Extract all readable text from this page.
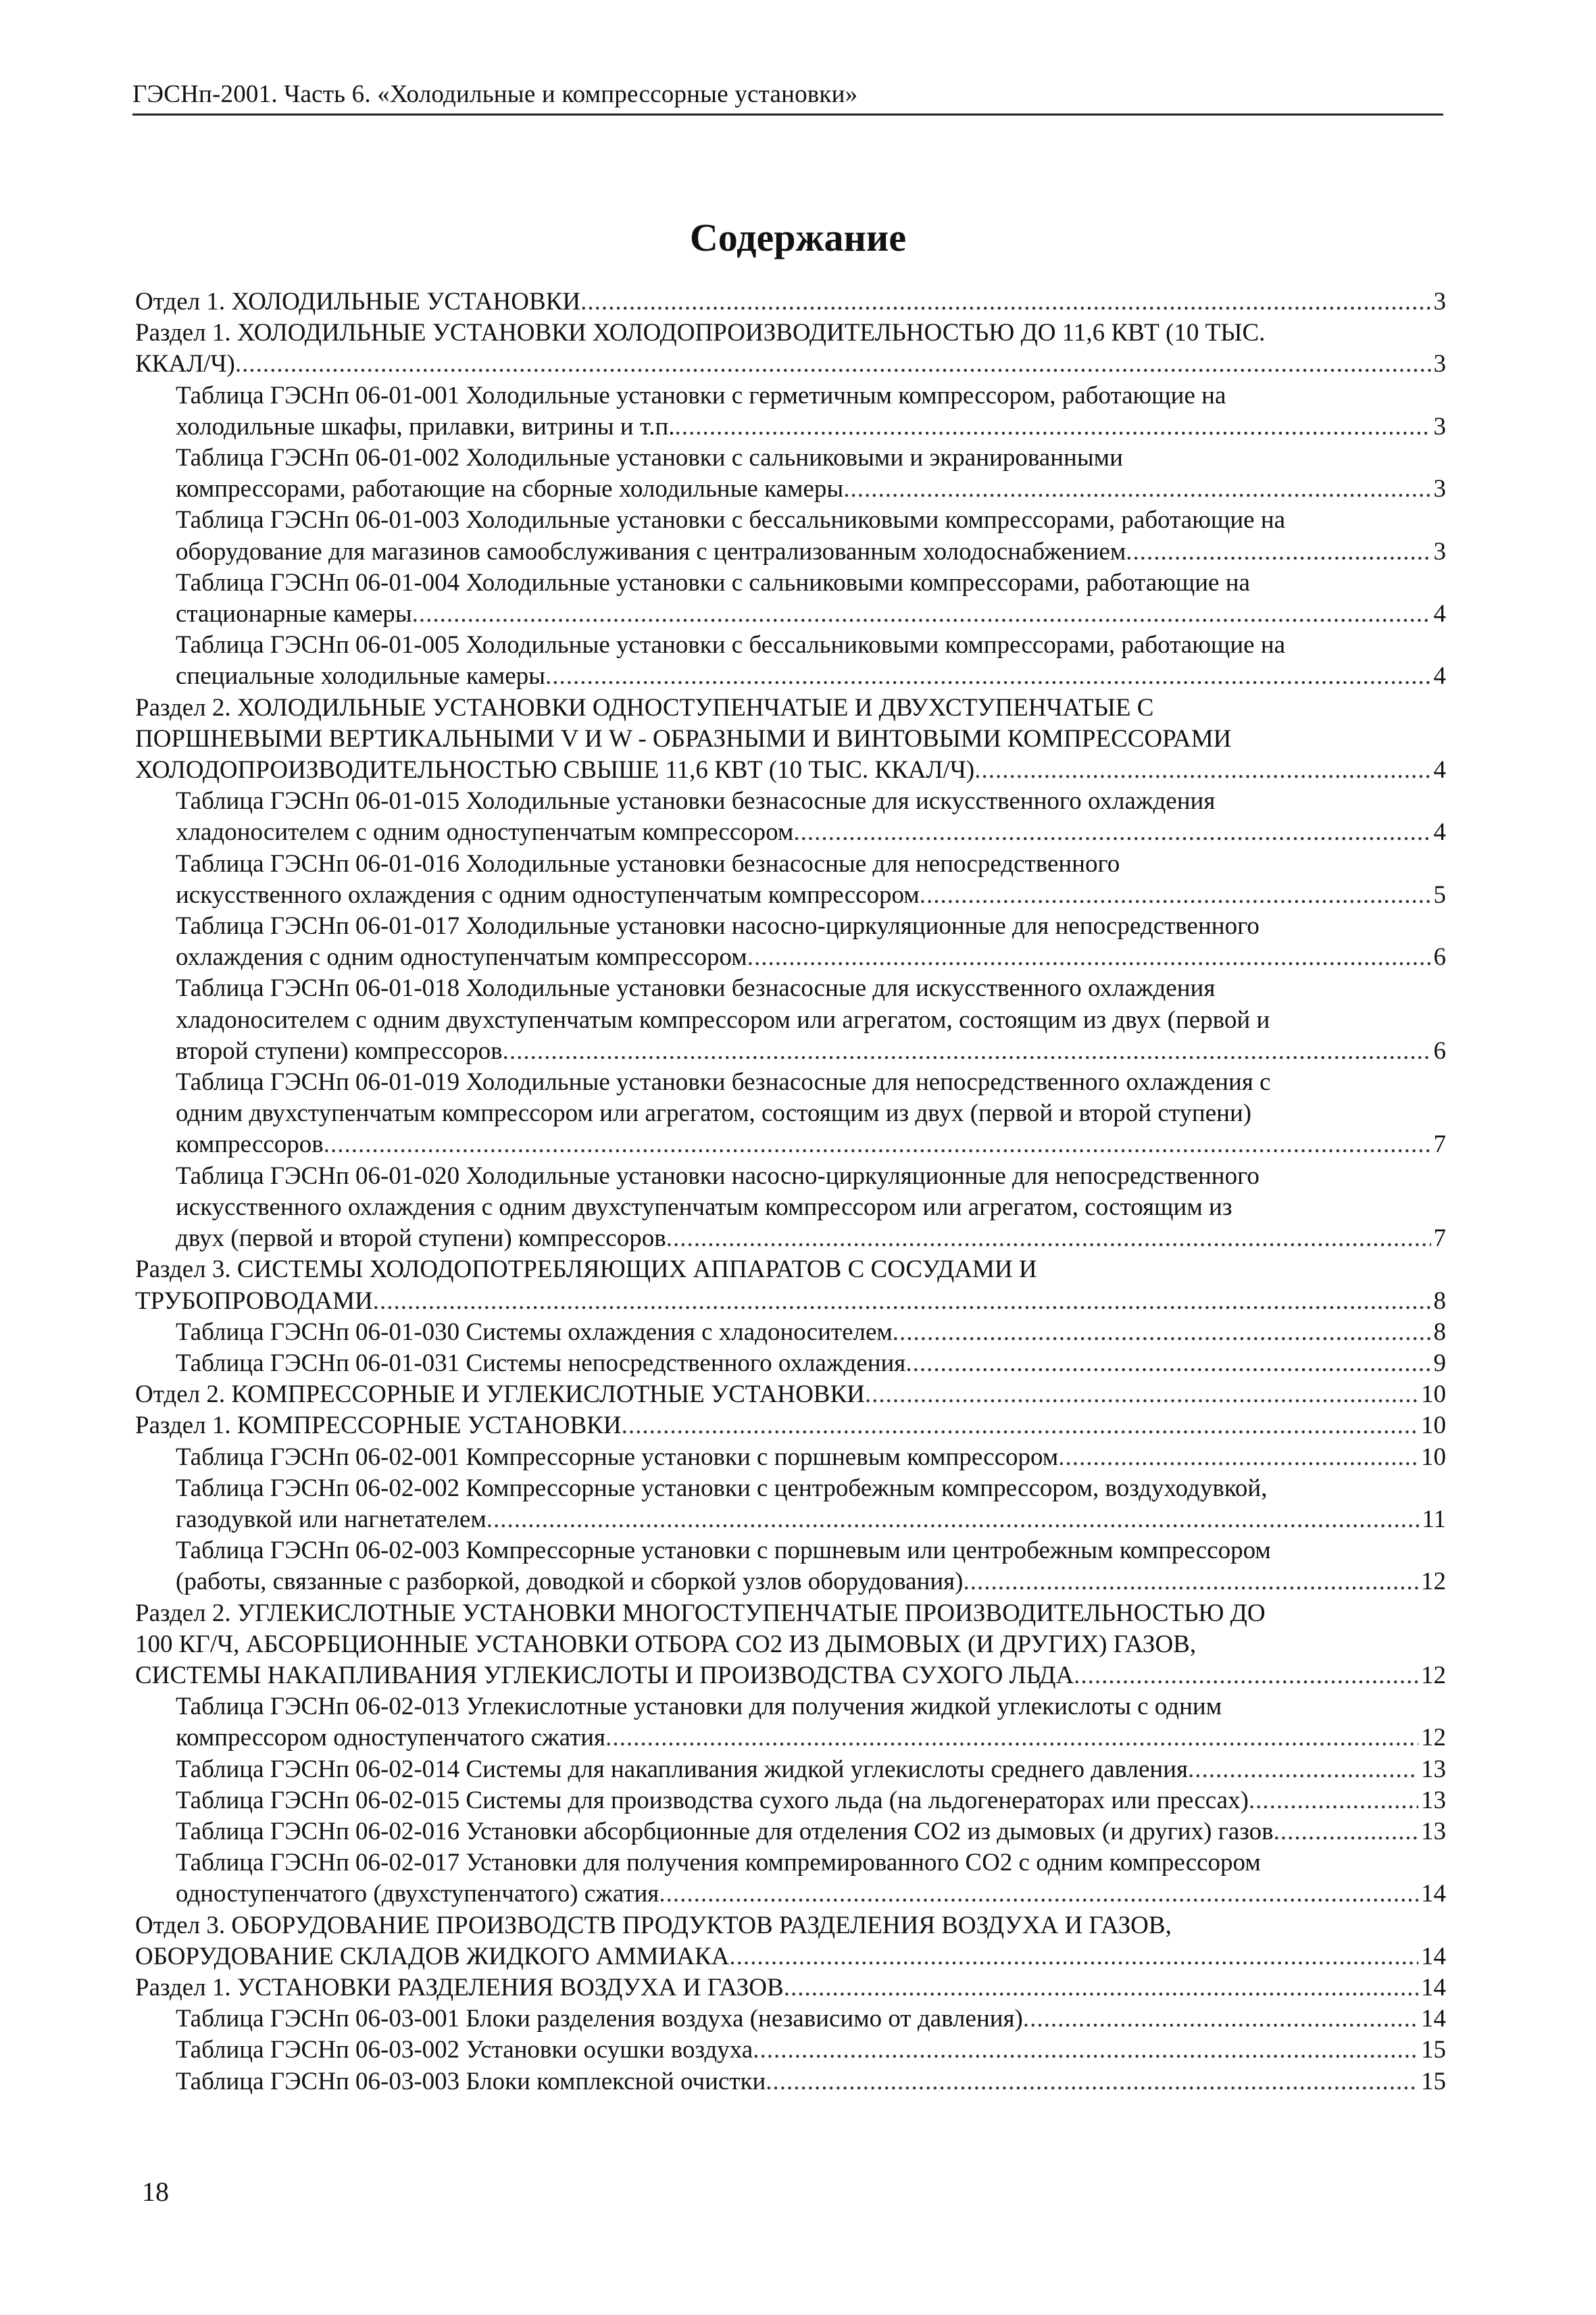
ГЭСНп-2001. Часть 6. «Холодильные и компрессорные установки»
Содержание
Отдел 1. ХОЛОДИЛЬНЫЕ УСТАНОВКИ .....	3
Раздел 1. ХОЛОДИЛЬНЫЕ УСТАНОВКИ ХОЛОДОПРОИЗВОДИТЕЛЬНОСТЬЮ ДО 11,6 КВТ (10 ТЫС.
ККАЛ/Ч) .....	3
Таблица ГЭСНп 06-01-001 Холодильные установки с герметичным компрессором, работающие на
холодильные шкафы, прилавки, витрины и т.п. .....	3
Таблица ГЭСНп 06-01-002 Холодильные установки с сальниковыми и экранированными
компрессорами, работающие на сборные холодильные камеры .....	3
Таблица ГЭСНп 06-01-003 Холодильные установки с бессальниковыми компрессорами, работающие на
оборудование для магазинов самообслуживания с централизованным холодоснабжением .....	3
Таблица ГЭСНп 06-01-004 Холодильные установки с сальниковыми компрессорами, работающие на
стационарные камеры .....	4
Таблица ГЭСНп 06-01-005 Холодильные установки с бессальниковыми компрессорами, работающие на
специальные холодильные камеры .....	4
Раздел 2. ХОЛОДИЛЬНЫЕ УСТАНОВКИ ОДНОСТУПЕНЧАТЫЕ И ДВУХСТУПЕНЧАТЫЕ С
ПОРШНЕВЫМИ ВЕРТИКАЛЬНЫМИ V И W - ОБРАЗНЫМИ И ВИНТОВЫМИ КОМПРЕССОРАМИ
ХОЛОДОПРОИЗВОДИТЕЛЬНОСТЬЮ СВЫШЕ 11,6 КВТ (10 ТЫС. ККАЛ/Ч) .....	4
Таблица ГЭСНп 06-01-015 Холодильные установки безнасосные для искусственного охлаждения
хладоносителем с одним одноступенчатым компрессором .....	4
Таблица ГЭСНп 06-01-016 Холодильные установки безнасосные для непосредственного
искусственного охлаждения с одним одноступенчатым компрессором .....	5
Таблица ГЭСНп 06-01-017 Холодильные установки насосно-циркуляционные для непосредственного
охлаждения с одним одноступенчатым компрессором .....	6
Таблица ГЭСНп 06-01-018 Холодильные установки безнасосные для искусственного охлаждения
хладоносителем с одним двухступенчатым компрессором или агрегатом, состоящим из двух (первой и
второй ступени) компрессоров .....	6
Таблица ГЭСНп 06-01-019 Холодильные установки безнасосные для непосредственного охлаждения с
одним двухступенчатым компрессором или агрегатом, состоящим из двух (первой и второй ступени)
компрессоров .....	7
Таблица ГЭСНп 06-01-020 Холодильные установки насосно-циркуляционные для непосредственного
искусственного охлаждения с одним двухступенчатым компрессором или агрегатом, состоящим из
двух (первой и второй ступени) компрессоров .....	7
Раздел 3. СИСТЕМЫ ХОЛОДОПОТРЕБЛЯЮЩИХ АППАРАТОВ С СОСУДАМИ И
ТРУБОПРОВОДАМИ .....	8
Таблица ГЭСНп 06-01-030 Системы охлаждения с хладоносителем .....	8
Таблица ГЭСНп 06-01-031 Системы непосредственного охлаждения .....	9
Отдел 2. КОМПРЕССОРНЫЕ И УГЛЕКИСЛОТНЫЕ УСТАНОВКИ .....	10
Раздел 1. КОМПРЕССОРНЫЕ УСТАНОВКИ .....	10
Таблица ГЭСНп 06-02-001 Компрессорные установки с поршневым компрессором .....	10
Таблица ГЭСНп 06-02-002 Компрессорные установки с центробежным компрессором, воздуходувкой,
газодувкой или нагнетателем .....	11
Таблица ГЭСНп 06-02-003 Компрессорные установки с поршневым или центробежным компрессором
(работы, связанные с разборкой, доводкой и сборкой узлов оборудования) .....	12
Раздел 2. УГЛЕКИСЛОТНЫЕ УСТАНОВКИ МНОГОСТУПЕНЧАТЫЕ ПРОИЗВОДИТЕЛЬНОСТЬЮ ДО
100 КГ/Ч, АБСОРБЦИОННЫЕ УСТАНОВКИ ОТБОРА СО2 ИЗ ДЫМОВЫХ (И ДРУГИХ) ГАЗОВ,
СИСТЕМЫ НАКАПЛИВАНИЯ УГЛЕКИСЛОТЫ И ПРОИЗВОДСТВА СУХОГО ЛЬДА .....	12
Таблица ГЭСНп 06-02-013 Углекислотные установки для получения жидкой углекислоты с одним
компрессором одноступенчатого сжатия .....	12
Таблица ГЭСНп 06-02-014 Системы для накапливания жидкой углекислоты среднего давления .....	13
Таблица ГЭСНп 06-02-015 Системы для производства сухого льда (на льдогенераторах или прессах) .....	13
Таблица ГЭСНп 06-02-016 Установки абсорбционные для отделения СО2 из дымовых (и других) газов .....	13
Таблица ГЭСНп 06-02-017 Установки для получения компремированного СО2 с одним компрессором
одноступенчатого (двухступенчатого) сжатия .....	14
Отдел 3. ОБОРУДОВАНИЕ ПРОИЗВОДСТВ ПРОДУКТОВ РАЗДЕЛЕНИЯ ВОЗДУХА И ГАЗОВ,
ОБОРУДОВАНИЕ СКЛАДОВ ЖИДКОГО АММИАКА .....	14
Раздел 1. УСТАНОВКИ РАЗДЕЛЕНИЯ ВОЗДУХА И ГАЗОВ .....	14
Таблица ГЭСНп 06-03-001 Блоки разделения воздуха (независимо от давления) .....	14
Таблица ГЭСНп 06-03-002 Установки осушки воздуха .....	15
Таблица ГЭСНп 06-03-003 Блоки комплексной очистки .....	15
18
